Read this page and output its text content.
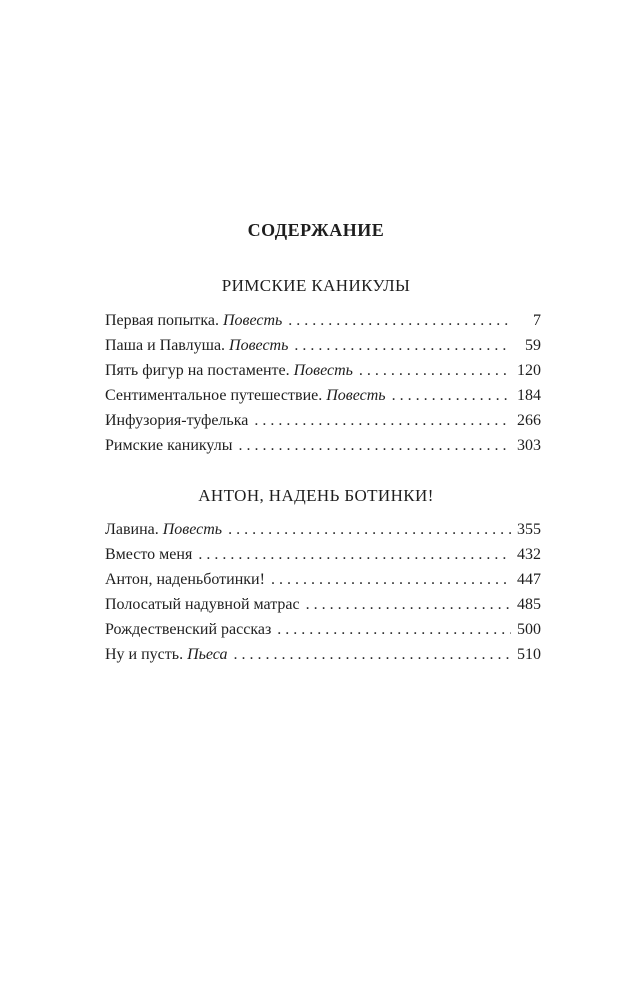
СОДЕРЖАНИЕ
РИМСКИЕ КАНИКУЛЫ
Первая попытка. Повесть . . .	7
Паша и Павлуша. Повесть . . .	59
Пять фигур на постаменте. Повесть . . .	120
Сентиментальное путешествие. Повесть . . .	184
Инфузория-туфелька . . .	266
Римские каникулы . . .	303
АНТОН, НАДЕНЬ БОТИНКИ!
Лавина. Повесть . . .	355
Вместо меня . . .	432
Антон, наденьботинки! . . .	447
Полосатый надувной матрас . . .	485
Рождественский рассказ . . .	500
Ну и пусть. Пьеса . . .	510
